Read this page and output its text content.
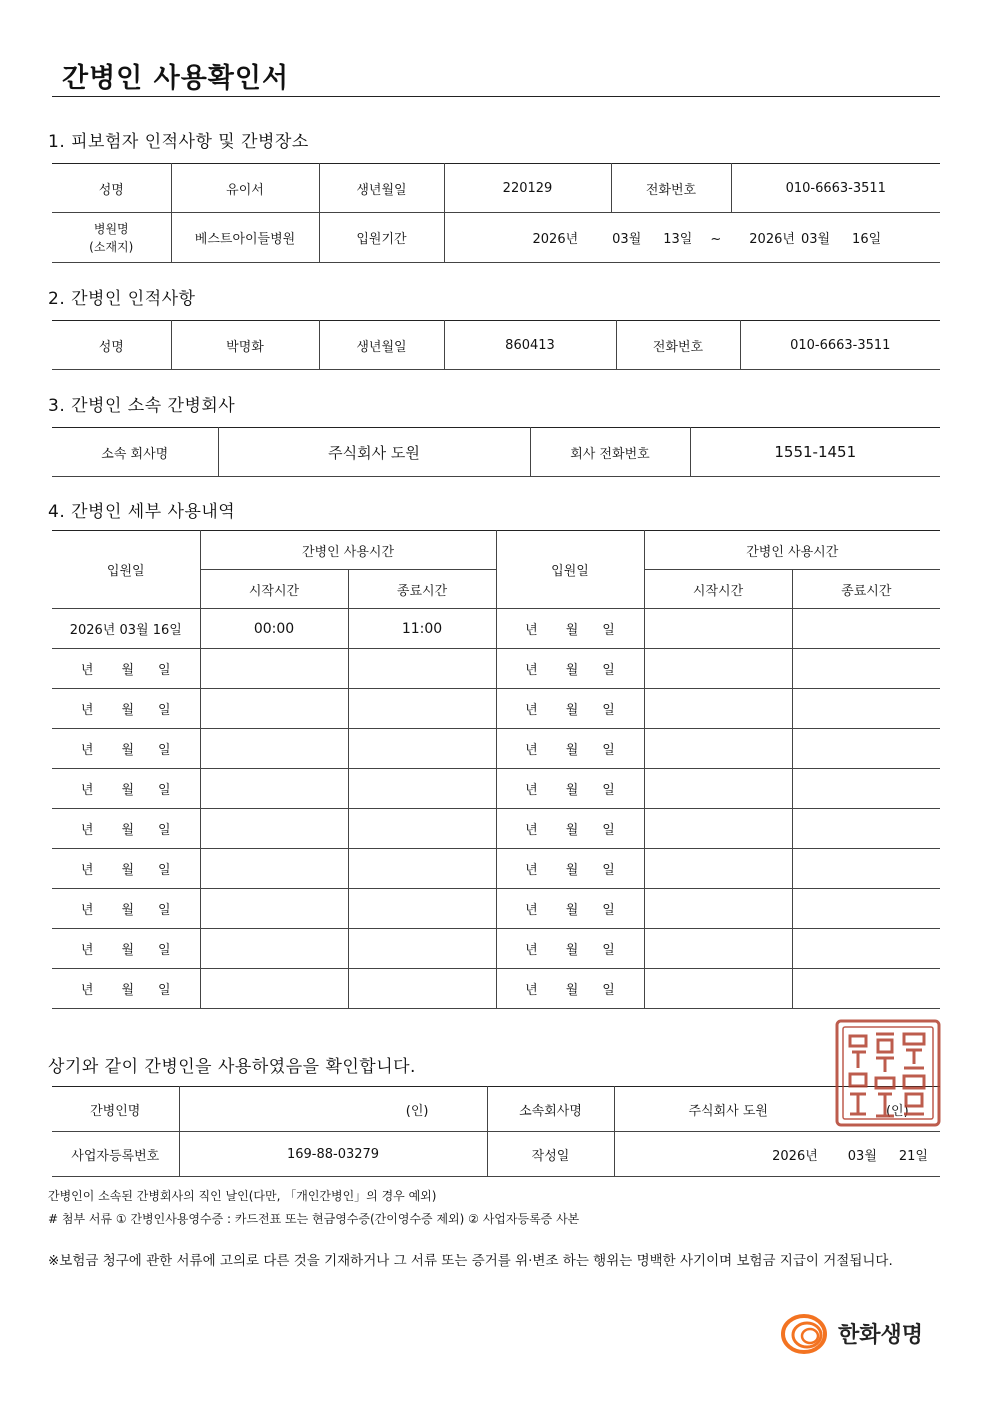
간병인 사용확인서
1. 피보험자 인적사항 및 간병장소
성명	유이서	생년월일	220129	전화번호	010-6663-3511

병원명
(소재지)	베스트아이들병원	입원기간	2026년 03월 13일 ~ 2026년 03월 16일		
2. 간병인 인적사항
성명	박명화	생년월일	860413	전화번호	010-6663-3511
3. 간병인 소속 간병회사
소속 회사명	주식회사 도원	회사 전화번호	1551-1451
4. 간병인 세부 사용내역
입원일	간병인 사용시간		입원일	간병인 사용시간	
	시작시간	종료시간		시작시간	종료시간
2026년 03월 16일	00:00	11:00	년 월 일		
년 월 일			년 월 일		
년 월 일			년 월 일		
년 월 일			년 월 일		
년 월 일			년 월 일		
년 월 일			년 월 일		
년 월 일			년 월 일		
년 월 일			년 월 일		
년 월 일			년 월 일		
년 월 일			년 월 일		
상기와 같이 간병인을 사용하였음을 확인합니다.
간병인명	(인)	소속회사명	주식회사 도원 (인)
사업자등록번호	169-88-03279	작성일	2026년 03월 21일
간병인이 소속된 간병회사의 직인 날인(다만, 「개인간병인」의 경우 예외)
# 첨부 서류 ① 간병인사용영수증 : 카드전표 또는 현금영수증(간이영수증 제외) ② 사업자등록증 사본
※보험금 청구에 관한 서류에 고의로 다른 것을 기재하거나 그 서류 또는 증거를 위·변조 하는 행위는 명백한 사기이며 보험금 지급이 거절됩니다.
한화생명
